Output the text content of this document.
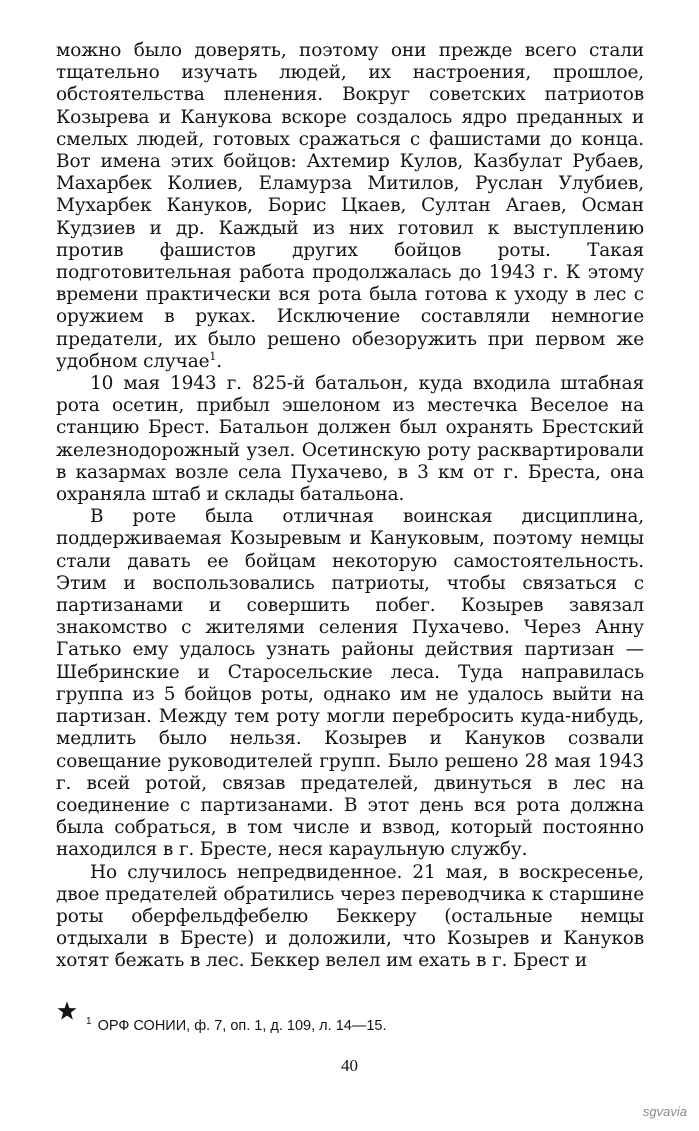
можно было доверять, поэтому они прежде всего стали тщательно изучать людей, их настроения, прошлое, обстоятельства пленения. Вокруг советских патриотов Козырева и Канукова вскоре создалось ядро преданных и смелых людей, готовых сражаться с фашистами до конца. Вот имена этих бойцов: Ахтемир Кулов, Казбулат Рубаев, Махарбек Колиев, Еламурза Митилов, Руслан Улубиев, Мухарбек Кануков, Борис Цкаев, Султан Агаев, Осман Кудзиев и др. Каждый из них готовил к выступлению против фашистов других бойцов роты. Такая подготовительная работа продолжалась до 1943 г. К этому времени практически вся рота была готова к уходу в лес с оружием в руках. Исключение составляли немногие предатели, их было решено обезоружить при первом же удобном случае$^1$.

10 мая 1943 г. 825-й батальон, куда входила штабная рота осетин, прибыл эшелоном из местечка Веселое на станцию Брест. Батальон должен был охранять Брестский железнодорожный узел. Осетинскую роту расквартировали в казармах возле села Пухачево, в 3 км от г. Бреста, она охраняла штаб и склады батальона.

В роте была отличная воинская дисциплина, поддерживаемая Козыревым и Кануковым, поэтому немцы стали давать ее бойцам некоторую самостоятельность. Этим и воспользовались патриоты, чтобы связаться с партизанами и совершить побег. Козырев завязал знакомство с жителями селения Пухачево. Через Анну Гатько ему удалось узнать районы действия партизан — Шебринские и Старосельские леса. Туда направилась группа из 5 бойцов роты, однако им не удалось выйти на партизан. Между тем роту могли перебросить куда-нибудь, медлить было нельзя. Козырев и Кануков созвали совещание руководителей групп. Было решено 28 мая 1943 г. всей ротой, связав предателей, двинуться в лес на соединение с партизанами. В этот день вся рота должна была собраться, в том числе и взвод, который постоянно находился в г. Бресте, неся караульную службу.

Но случилось непредвиденное. 21 мая, в воскресенье, двое предателей обратились через переводчика к старшине роты оберфельдфебелю Беккеру (остальные немцы отдыхали в Бресте) и доложили, что Козырев и Кануков хотят бежать в лес. Беккер велел им ехать в г. Брест и

$^1$ ОРФ СОНИИ, ф. 7, оп. 1, д. 109, л. 14—15.
40
sgvavia
